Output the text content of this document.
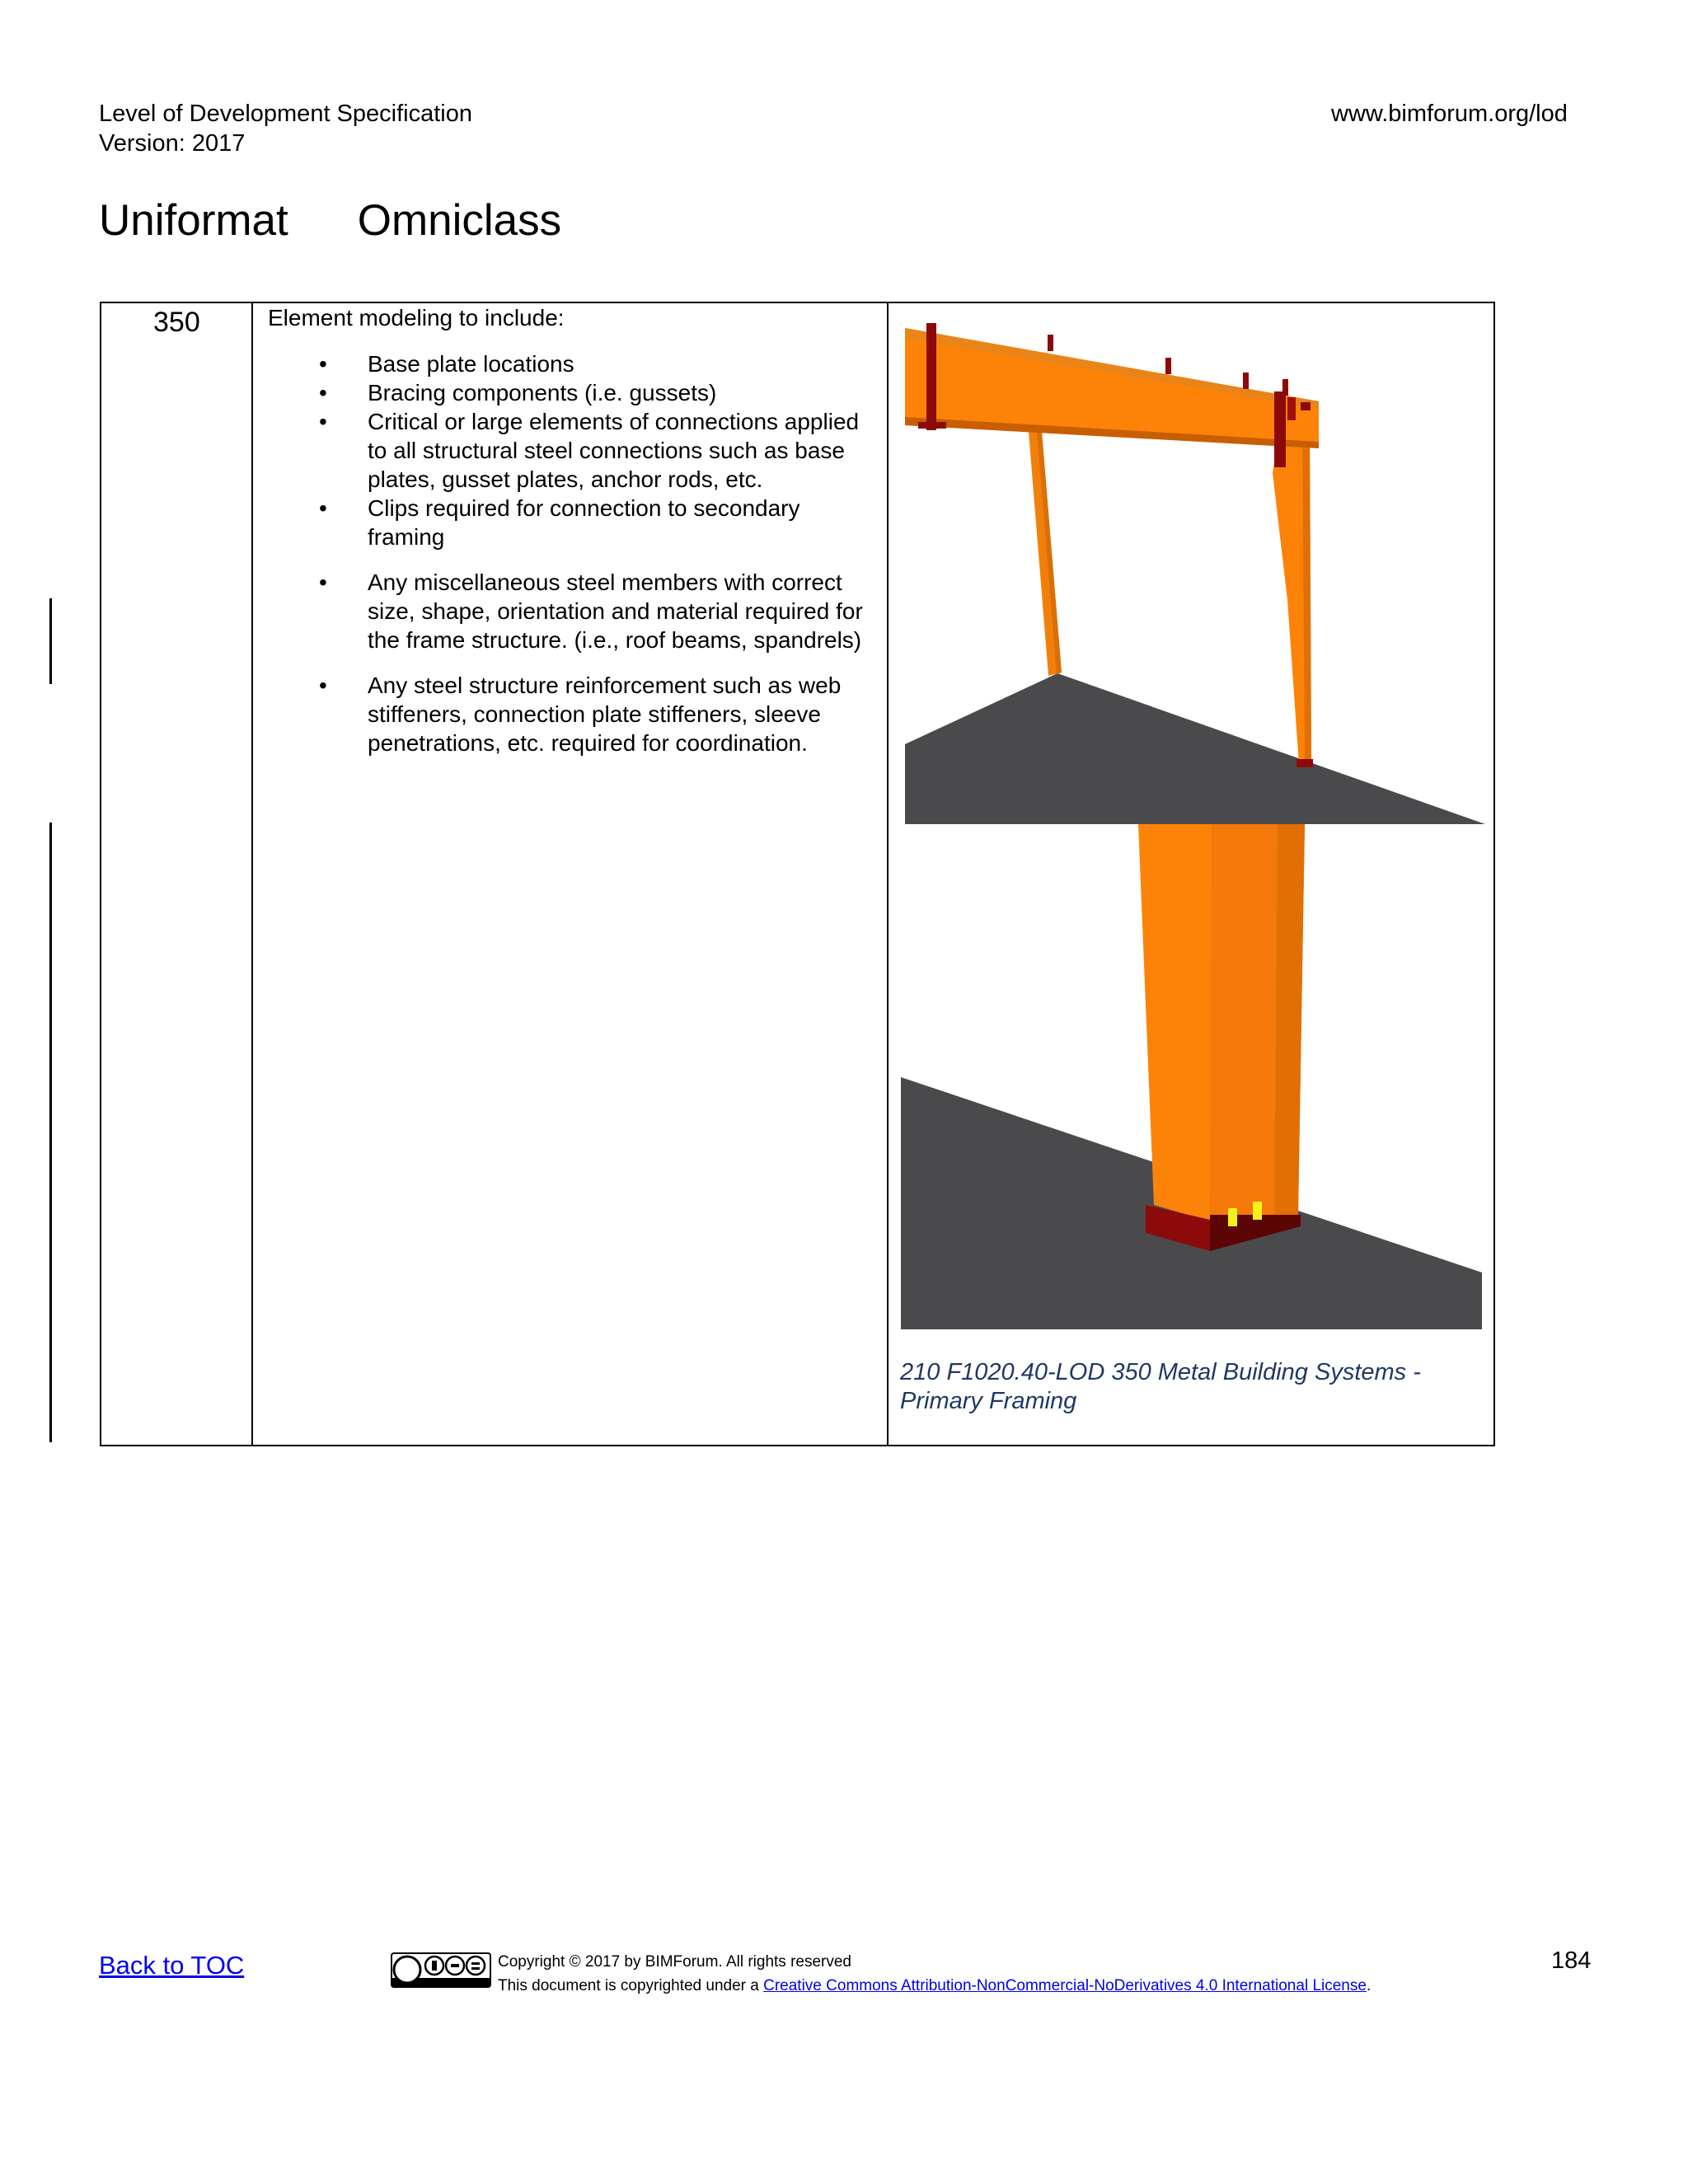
Level of Development Specification
Version: 2017
www.bimforum.org/lod
Uniformat Omniclass
350	Element modeling to include:

• Base plate locations
• Bracing components (i.e. gussets)
• Critical or large elements of connections applied to all structural steel connections such as base plates, gusset plates, anchor rods, etc.
• Clips required for connection to secondary framing
• Any miscellaneous steel members with correct size, shape, orientation and material required for the frame structure. (i.e., roof beams, spandrels)
• Any steel structure reinforcement such as web stiffeners, connection plate stiffeners, sleeve penetrations, etc. required for coordination.
210 F1020.40-LOD 350 Metal Building Systems - Primary Framing
Back to TOC	Copyright © 2017 by BIMForum. All rights reserved
This document is copyrighted under a Creative Commons Attribution-NonCommercial-NoDerivatives 4.0 International License.
184
